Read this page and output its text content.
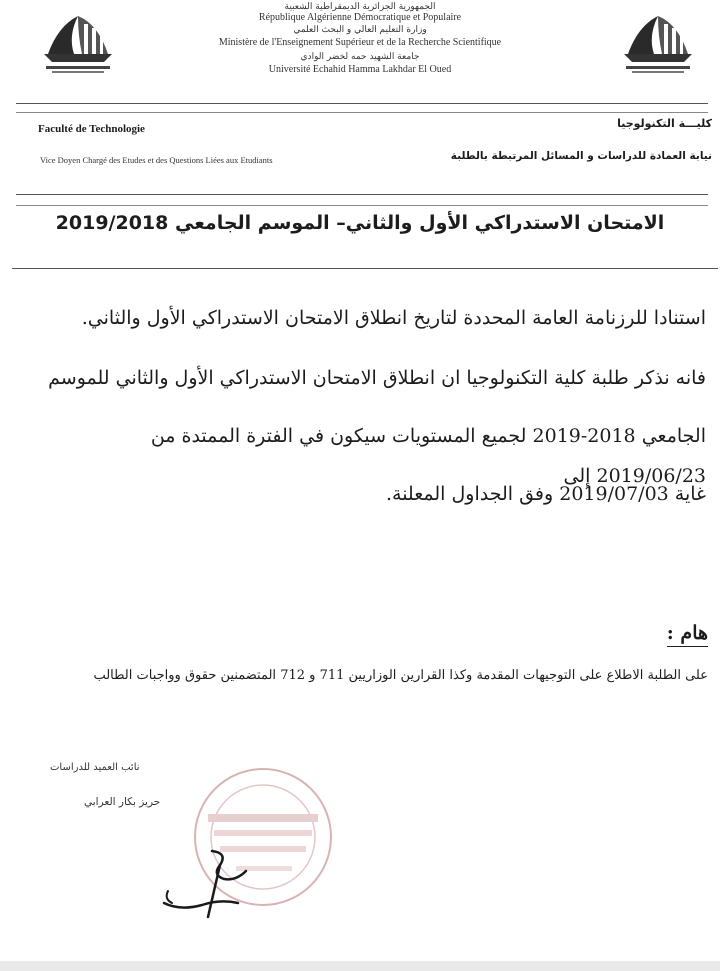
الجمهورية الجزائرية الديمقراطية الشعبية
République Algérienne Démocratique et Populaire
وزارة التعليم العالي و البحث العلمي
Ministère de l'Enseignement Supérieur et de la Recherche Scientifique
جامعة الشهيد حمه لخضر الوادي
Université Echahid Hamma Lakhdar El Oued
Faculté de Technologie
Vice Doyen Chargé des Etudes et des Questions Liées aux Etudiants
كليـــة التكنولوجيا
نيابة العمادة للدراسات و المسائل المرتبطة بالطلبة
الامتحان الاستدراكي الأول والثاني– الموسم الجامعي 2019/2018
استنادا للرزنامة العامة المحددة لتاريخ انطلاق الامتحان الاستدراكي الأول والثاني.
فانه نذكر طلبة كلية التكنولوجيا ان انطلاق الامتحان الاستدراكي الأول والثاني للموسم
الجامعي 2018-2019 لجميع المستويات سيكون في الفترة الممتدة من 2019/06/23 إلى
غاية 2019/07/03 وفق الجداول المعلنة.
هام :
على الطلبة الاطلاع على التوجيهات المقدمة وكذا القرارين الوزاريين 711 و 712 المتضمنين حقوق وواجبات الطالب
نائب العميد للدراسات
حريز بكار العرابي
